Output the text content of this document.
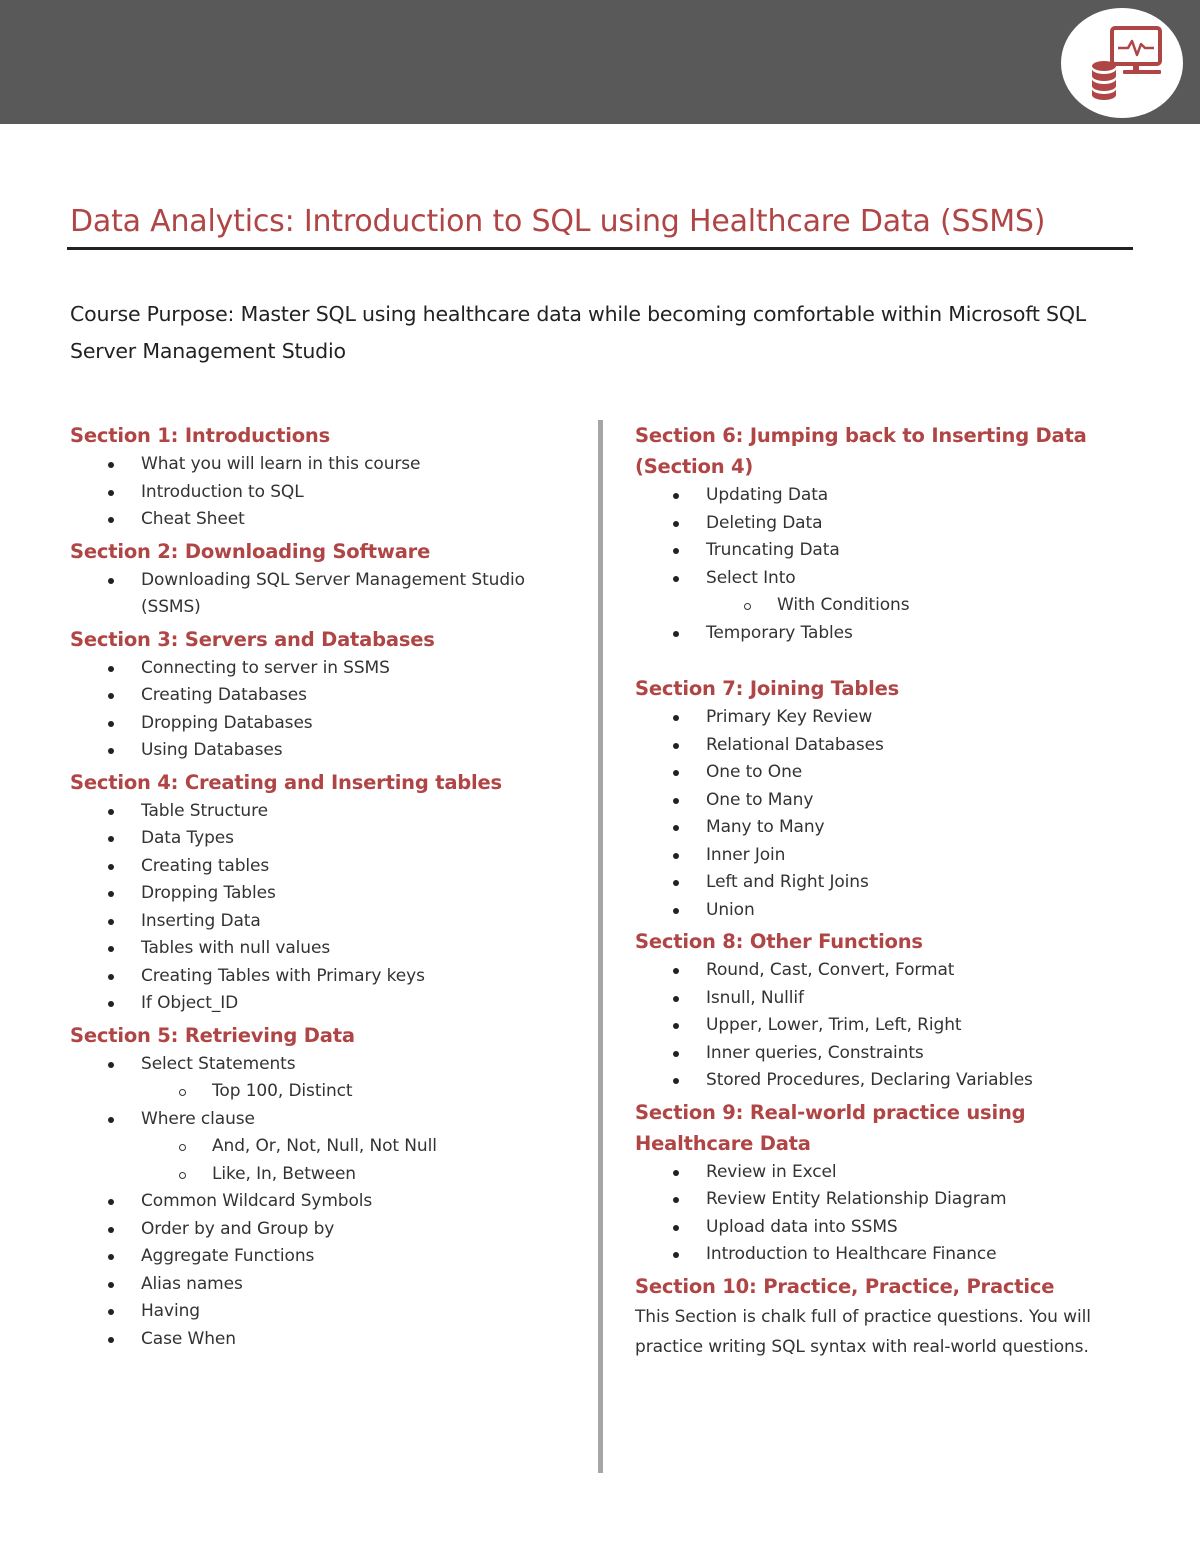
Data Analytics: Introduction to SQL using Healthcare Data (SSMS)

Course Purpose: Master SQL using healthcare data while becoming comfortable within Microsoft SQL Server Management Studio

Section 1: Introductions
What you will learn in this course
Introduction to SQL
Cheat Sheet
Section 2: Downloading Software
Downloading SQL Server Management Studio (SSMS)
Section 3: Servers and Databases
Connecting to server in SSMS
Creating Databases
Dropping Databases
Using Databases
Section 4: Creating and Inserting tables
Table Structure
Data Types
Creating tables
Dropping Tables
Inserting Data
Tables with null values
Creating Tables with Primary keys
If Object_ID
Section 5: Retrieving Data
Select Statements
Top 100, Distinct
Where clause
And, Or, Not, Null, Not Null
Like, In, Between
Common Wildcard Symbols
Order by and Group by
Aggregate Functions
Alias names
Having
Case When
Section 6: Jumping back to Inserting Data (Section 4)
Updating Data
Deleting Data
Truncating Data
Select Into
With Conditions
Temporary Tables
Section 7: Joining Tables
Primary Key Review
Relational Databases
One to One
One to Many
Many to Many
Inner Join
Left and Right Joins
Union
Section 8: Other Functions
Round, Cast, Convert, Format
Isnull, Nullif
Upper, Lower, Trim, Left, Right
Inner queries, Constraints
Stored Procedures, Declaring Variables
Section 9: Real-world practice using Healthcare Data
Review in Excel
Review Entity Relationship Diagram
Upload data into SSMS
Introduction to Healthcare Finance
Section 10: Practice, Practice, Practice

This Section is chalk full of practice questions. You will practice writing SQL syntax with real-world questions.
